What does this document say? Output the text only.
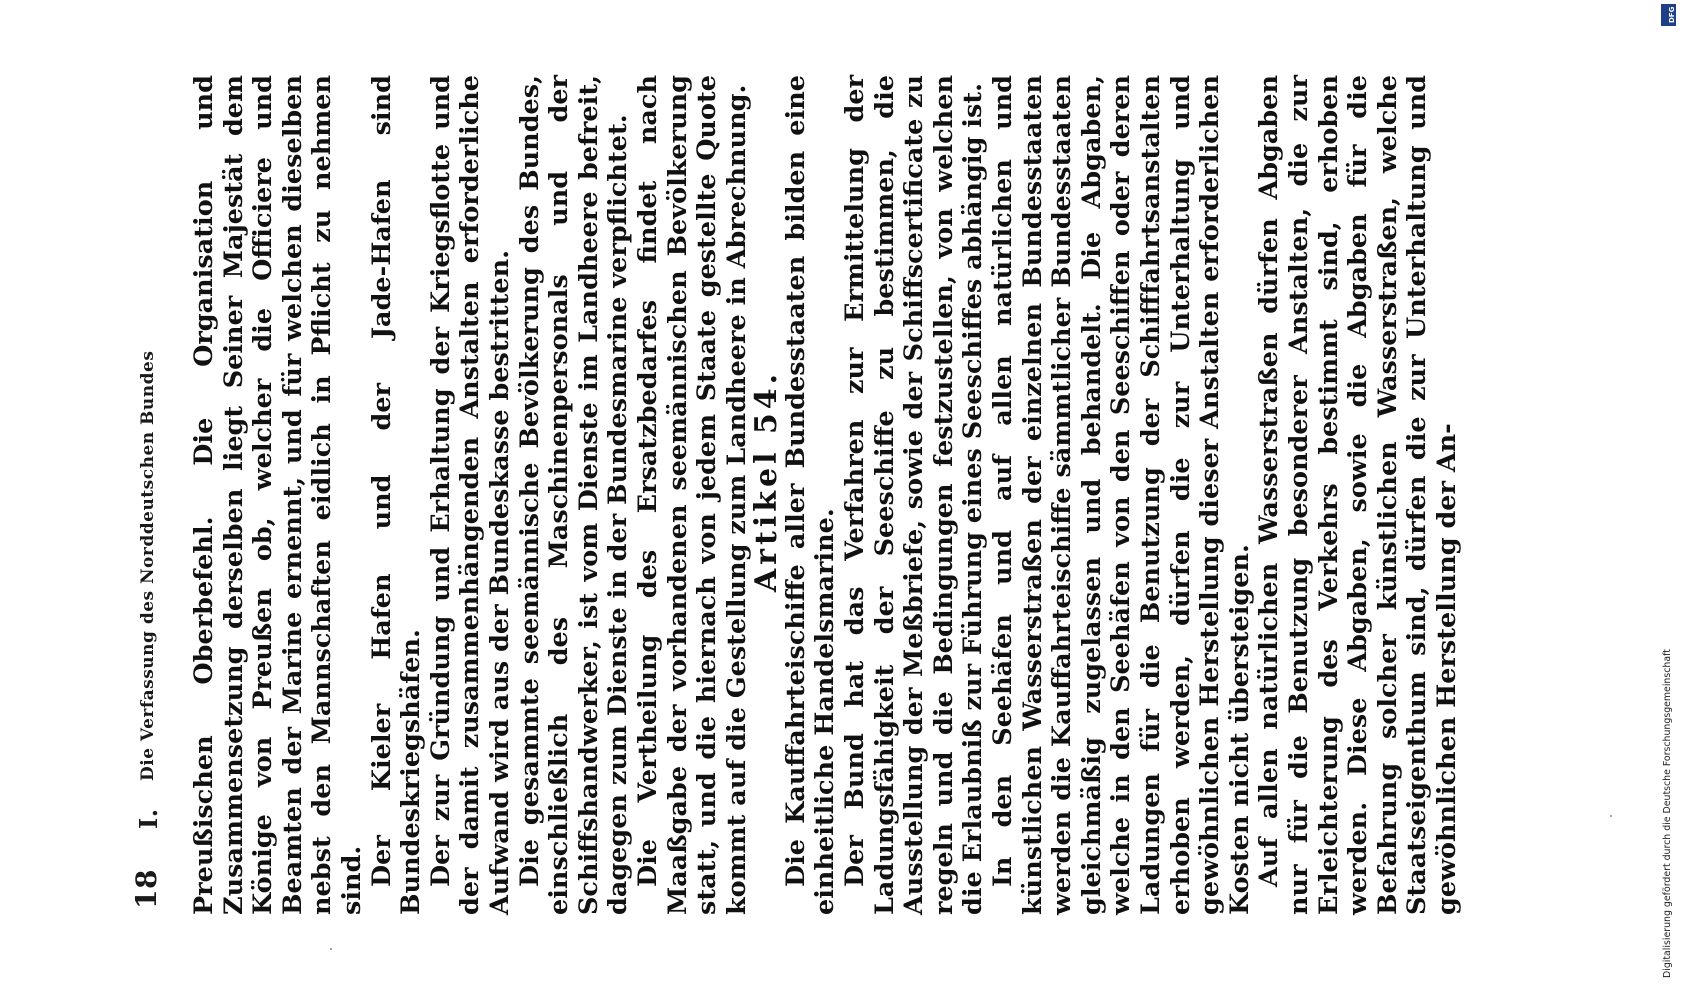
18
I.
Die Verfassung des Norddeutschen Bundes Preußischen Oberbefehl. Die Organisation und Zusammensetzung derselben liegt Seiner Majestät dem Könige von Preußen ob, welcher die Officiere und Beamten der Marine ernennt, und für welchen dieselben nebst den Mannschaften eidlich in Pflicht zu nehmen sind. Der Kieler Hafen und der Jade-Hafen sind Bundeskriegshäfen. Der zur Gründung und Erhaltung der Kriegsflotte und der damit zusammenhängenden Anstalten erforderliche Aufwand wird aus der Bundeskasse bestritten. Die gesammte seemännische Bevölkerung des Bundes, einschließlich des Maschinenpersonals und der Schiffshandwerker, ist vom Dienste im Landheere befreit, dagegen zum Dienste in der Bundesmarine verpflichtet. Die Vertheilung des Ersatzbedarfes findet nach Maaßgabe der vorhandenen seemännischen Bevölkerung statt, und die hiernach von jedem Staate gestellte Quote kommt auf die Gestellung zum Landheere in Abrechnung.

Artikel 54.

Die Kauffahrteischiffe aller Bundesstaaten bilden eine einheitliche Handelsmarine. Der Bund hat das Verfahren zur Ermittelung der Ladungsfähigkeit der Seeschiffe zu bestimmen, die Ausstellung der Meßbriefe, sowie der Schiffscertificate zu regeln und die Bedingungen festzustellen, von welchen die Erlaubniß zur Führung eines Seeschiffes abhängig ist. In den Seehäfen und auf allen natürlichen und künstlichen Wasserstraßen der einzelnen Bundesstaaten werden die Kauffahrteischiffe sämmtlicher Bundesstaaten gleichmäßig zugelassen und behandelt. Die Abgaben, welche in den Seehäfen von den Seeschiffen oder deren Ladungen für die Benutzung der Schifffahrtsanstalten erhoben werden, dürfen die zur Unterhaltung und gewöhnlichen Herstellung dieser Anstalten erforderlichen Kosten nicht übersteigen. Auf allen natürlichen Wasserstraßen dürfen Abgaben nur für die Benutzung besonderer Anstalten, die zur Erleichterung des Verkehrs bestimmt sind, erhoben werden. Diese Abgaben, sowie die Abgaben für die Befahrung solcher künstlichen Wasserstraßen, welche Staatseigenthum sind, dürfen die zur Unterhaltung und gewöhnlichen Herstellung der An-	Digitalisierung gefördert durch die Deutsche Forschungsgemeinschaft
DFG
